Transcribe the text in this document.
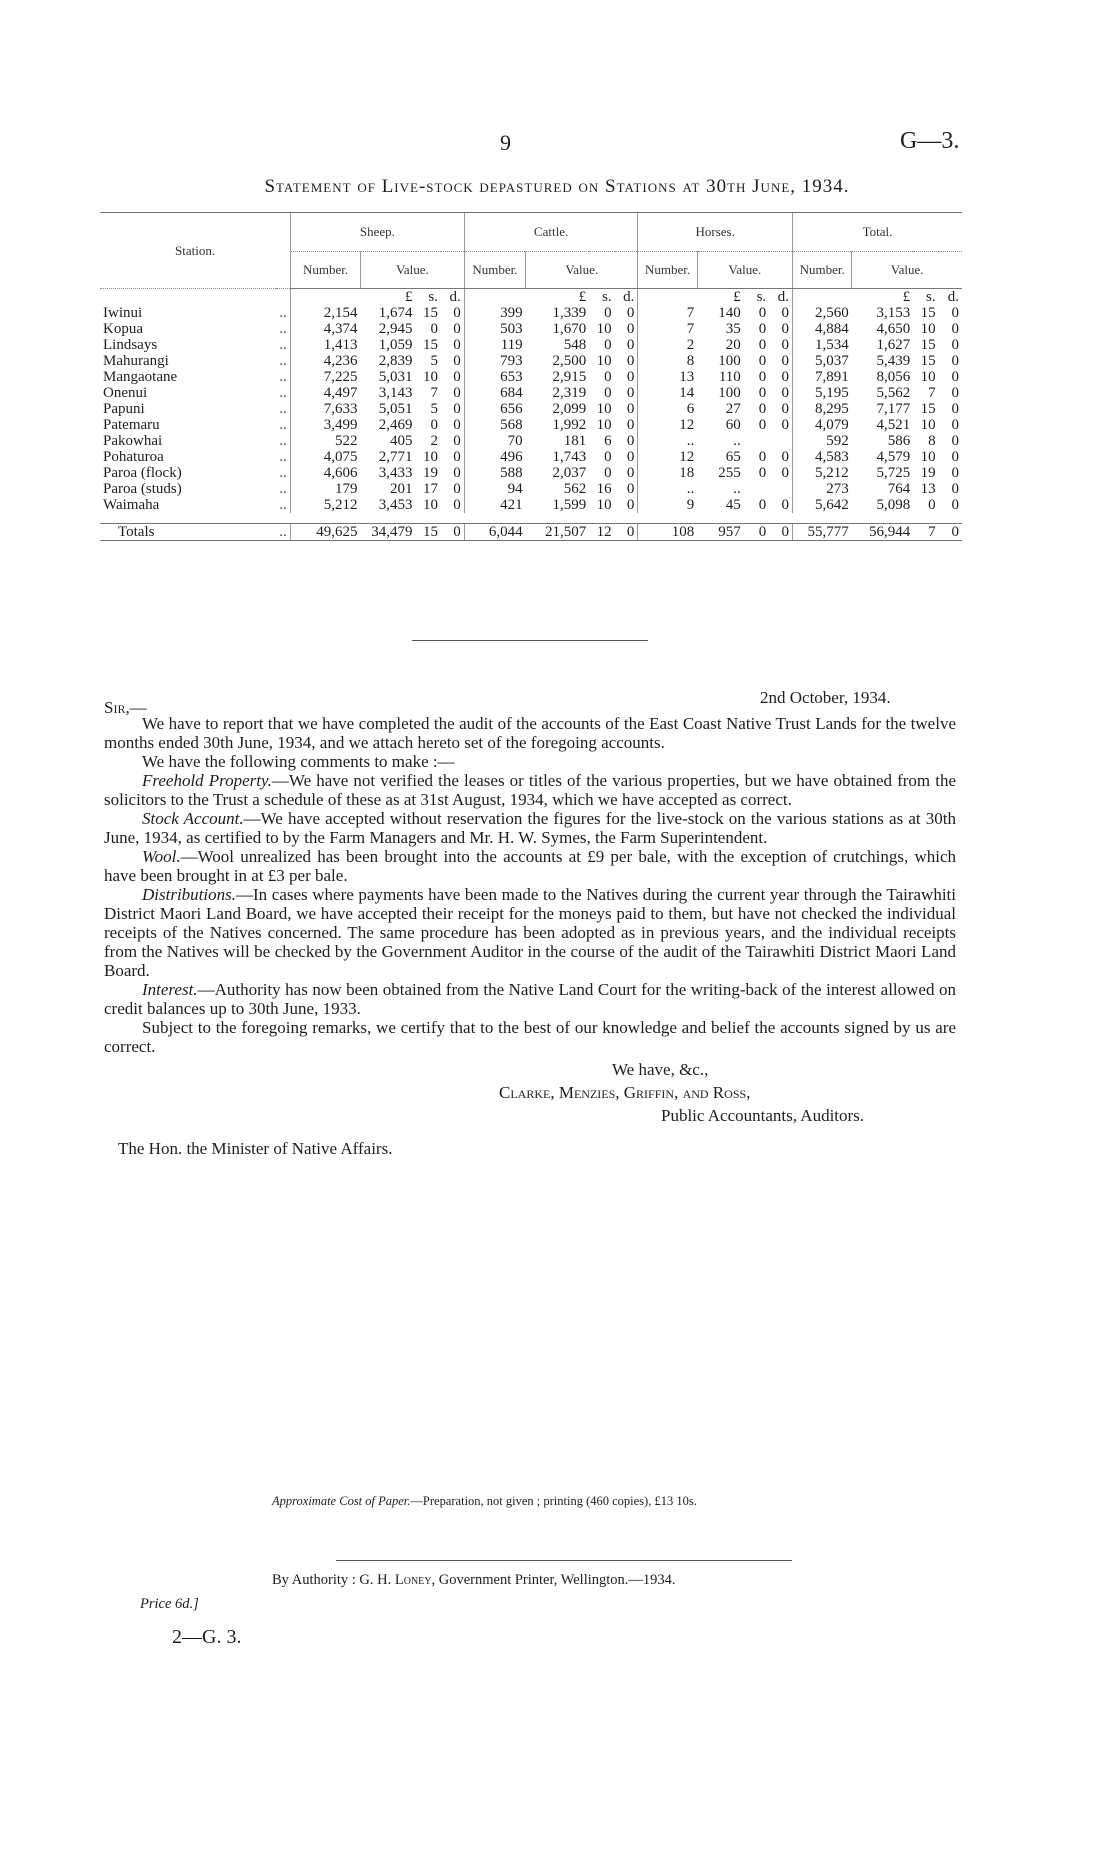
9	G—3.
Statement of Live-stock depastured on Stations at 30th June, 1934.
Station.		Sheep.				Cattle.				Horses.				Total.			
		Number.	Value.			Number.	Value.			Number.	Value.			Number.	Value.		
			£	s.	d.		£	s.	d.		£	s.	d.		£	s.	d.
Iwinui	..	2,154	1,674	15	0	399	1,339	0	0	7	140	0	0	2,560	3,153	15	0
Kopua	..	4,374	2,945	0	0	503	1,670	10	0	7	35	0	0	4,884	4,650	10	0
Lindsays	..	1,413	1,059	15	0	119	548	0	0	2	20	0	0	1,534	1,627	15	0
Mahurangi	..	4,236	2,839	5	0	793	2,500	10	0	8	100	0	0	5,037	5,439	15	0
Mangaotane	..	7,225	5,031	10	0	653	2,915	0	0	13	110	0	0	7,891	8,056	10	0
Onenui	..	4,497	3,143	7	0	684	2,319	0	0	14	100	0	0	5,195	5,562	7	0
Papuni	..	7,633	5,051	5	0	656	2,099	10	0	6	27	0	0	8,295	7,177	15	0
Patemaru	..	3,499	2,469	0	0	568	1,992	10	0	12	60	0	0	4,079	4,521	10	0
Pakowhai	..	522	405	2	0	70	181	6	0	..	..			592	586	8	0
Pohaturoa	..	4,075	2,771	10	0	496	1,743	0	0	12	65	0	0	4,583	4,579	10	0
Paroa (flock)	..	4,606	3,433	19	0	588	2,037	0	0	18	255	0	0	5,212	5,725	19	0
Paroa (studs)	..	179	201	17	0	94	562	16	0	..	..			273	764	13	0
Waimaha	..	5,212	3,453	10	0	421	1,599	10	0	9	45	0	0	5,642	5,098	0	0

Totals	..	49,625	34,479	15	0	6,044	21,507	12	0	108	957	0	0	55,777	56,944	7	0
Sir,—
2nd October, 1934.

We have to report that we have completed the audit of the accounts of the East Coast Native Trust Lands for the twelve months ended 30th June, 1934, and we attach hereto set of the foregoing accounts.

We have the following comments to make :—

Freehold Property.—We have not verified the leases or titles of the various properties, but we have obtained from the solicitors to the Trust a schedule of these as at 31st August, 1934, which we have accepted as correct.

Stock Account.—We have accepted without reservation the figures for the live-stock on the various stations as at 30th June, 1934, as certified to by the Farm Managers and Mr. H. W. Symes, the Farm Superintendent.

Wool.—Wool unrealized has been brought into the accounts at £9 per bale, with the exception of crutchings, which have been brought in at £3 per bale.

Distributions.—In cases where payments have been made to the Natives during the current year through the Tairawhiti District Maori Land Board, we have accepted their receipt for the moneys paid to them, but have not checked the individual receipts of the Natives concerned. The same procedure has been adopted as in previous years, and the individual receipts from the Natives will be checked by the Government Auditor in the course of the audit of the Tairawhiti District Maori Land Board.

Interest.—Authority has now been obtained from the Native Land Court for the writing-back of the interest allowed on credit balances up to 30th June, 1933.

Subject to the foregoing remarks, we certify that to the best of our knowledge and belief the accounts signed by us are correct.

We have, &c.,
Clarke, Menzies, Griffin, and Ross,
Public Accountants, Auditors.
The Hon. the Minister of Native Affairs.
Approximate Cost of Paper.—Preparation, not given ; printing (460 copies), £13 10s.
By Authority : G. H. Loney, Government Printer, Wellington.—1934.
Price 6d.]
2—G. 3.
